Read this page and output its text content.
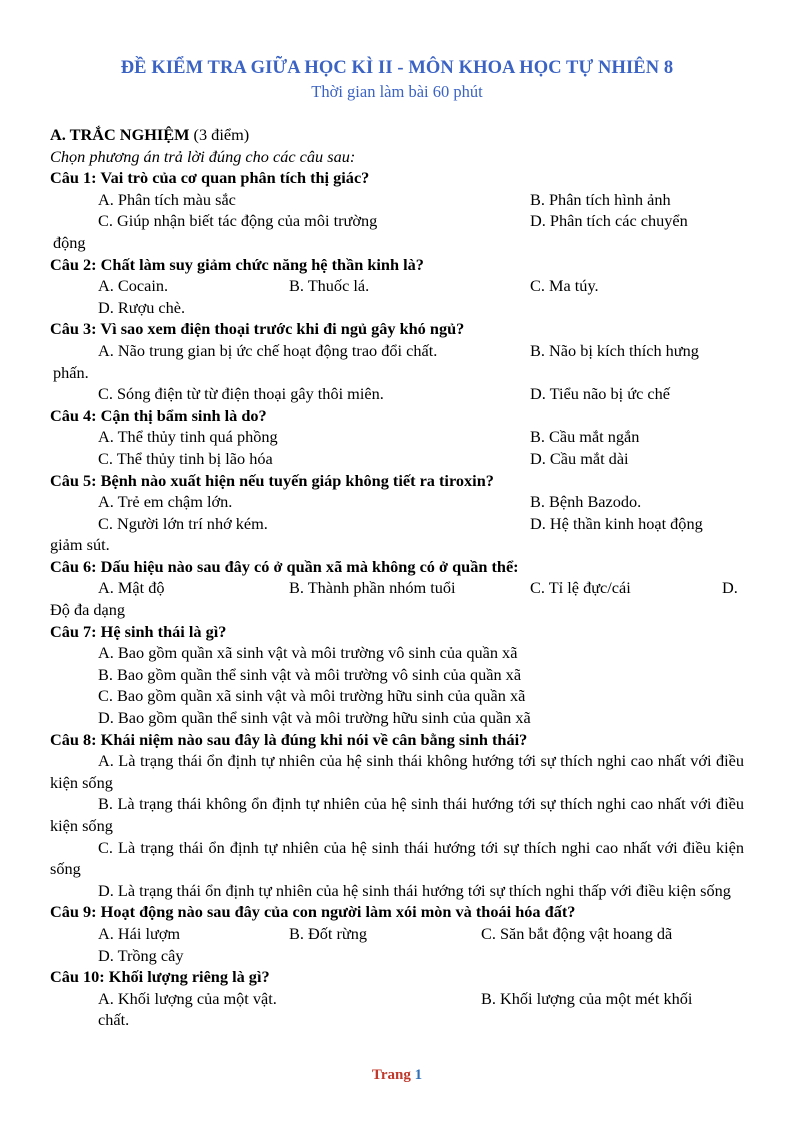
ĐỀ KIỂM TRA GIỮA HỌC KÌ II - MÔN KHOA HỌC TỰ NHIÊN 8
Thời gian làm bài 60 phút
A. TRẮC NGHIỆM (3 điểm)
Chọn phương án trả lời đúng cho các câu sau:
Câu 1: Vai trò của cơ quan phân tích thị giác?
A. Phân tích màu sắc	B. Phân tích hình ảnh
C. Giúp nhận biết tác động của môi trường	D. Phân tích các chuyển
động
Câu 2: Chất làm suy giảm chức năng hệ thần kinh là?
A. Cocain.	B. Thuốc lá.	C. Ma túy.
D. Rượu chè.
Câu 3: Vì sao xem điện thoại trước khi đi ngủ gây khó ngủ?
A. Não trung gian bị ức chế hoạt động trao đổi chất.	B. Não bị kích thích hưng
phấn.
C. Sóng điện từ từ điện thoại gây thôi miên.	D. Tiểu não bị ức chế
Câu 4: Cận thị bẩm sinh là do?
A. Thể thủy tinh quá phồng	B. Cầu mắt ngắn
C. Thể thủy tinh bị lão hóa	D. Cầu mắt dài
Câu 5: Bệnh nào xuất hiện nếu tuyến giáp không tiết ra tiroxin?
A. Trẻ em chậm lớn.	B. Bệnh Bazodo.
C. Người lớn trí nhớ kém.	D. Hệ thần kinh hoạt động
giảm sút.
Câu 6: Dấu hiệu nào sau đây có ở quần xã mà không có ở quần thể:
A. Mật độ	B. Thành phần nhóm tuổi	C. Tỉ lệ đực/cái	D.
Độ đa dạng
Câu 7: Hệ sinh thái là gì?
A. Bao gồm quần xã sinh vật và môi trường vô sinh của quần xã
B. Bao gồm quần thể sinh vật và môi trường vô sinh của quần xã
C. Bao gồm quần xã sinh vật và môi trường hữu sinh của quần xã
D. Bao gồm quần thể sinh vật và môi trường hữu sinh của quần xã
Câu 8: Khái niệm nào sau đây là đúng khi nói về cân bằng sinh thái?
A. Là trạng thái ổn định tự nhiên của hệ sinh thái không hướng tới sự thích nghi cao nhất với điều kiện sống
B. Là trạng thái không ổn định tự nhiên của hệ sinh thái hướng tới sự thích nghi cao nhất với điều kiện sống
C. Là trạng thái ổn định tự nhiên của hệ sinh thái hướng tới sự thích nghi cao nhất với điều kiện sống
D. Là trạng thái ổn định tự nhiên của hệ sinh thái hướng tới sự thích nghi thấp với điều kiện sống
Câu 9: Hoạt động nào sau đây của con người làm xói mòn và thoái hóa đất?
A. Hái lượm	B. Đốt rừng	C. Săn bắt động vật hoang dã
D. Trồng cây
Câu 10: Khối lượng riêng là gì?
A. Khối lượng của một vật.	B. Khối lượng của một mét khối
chất.
Trang 1
